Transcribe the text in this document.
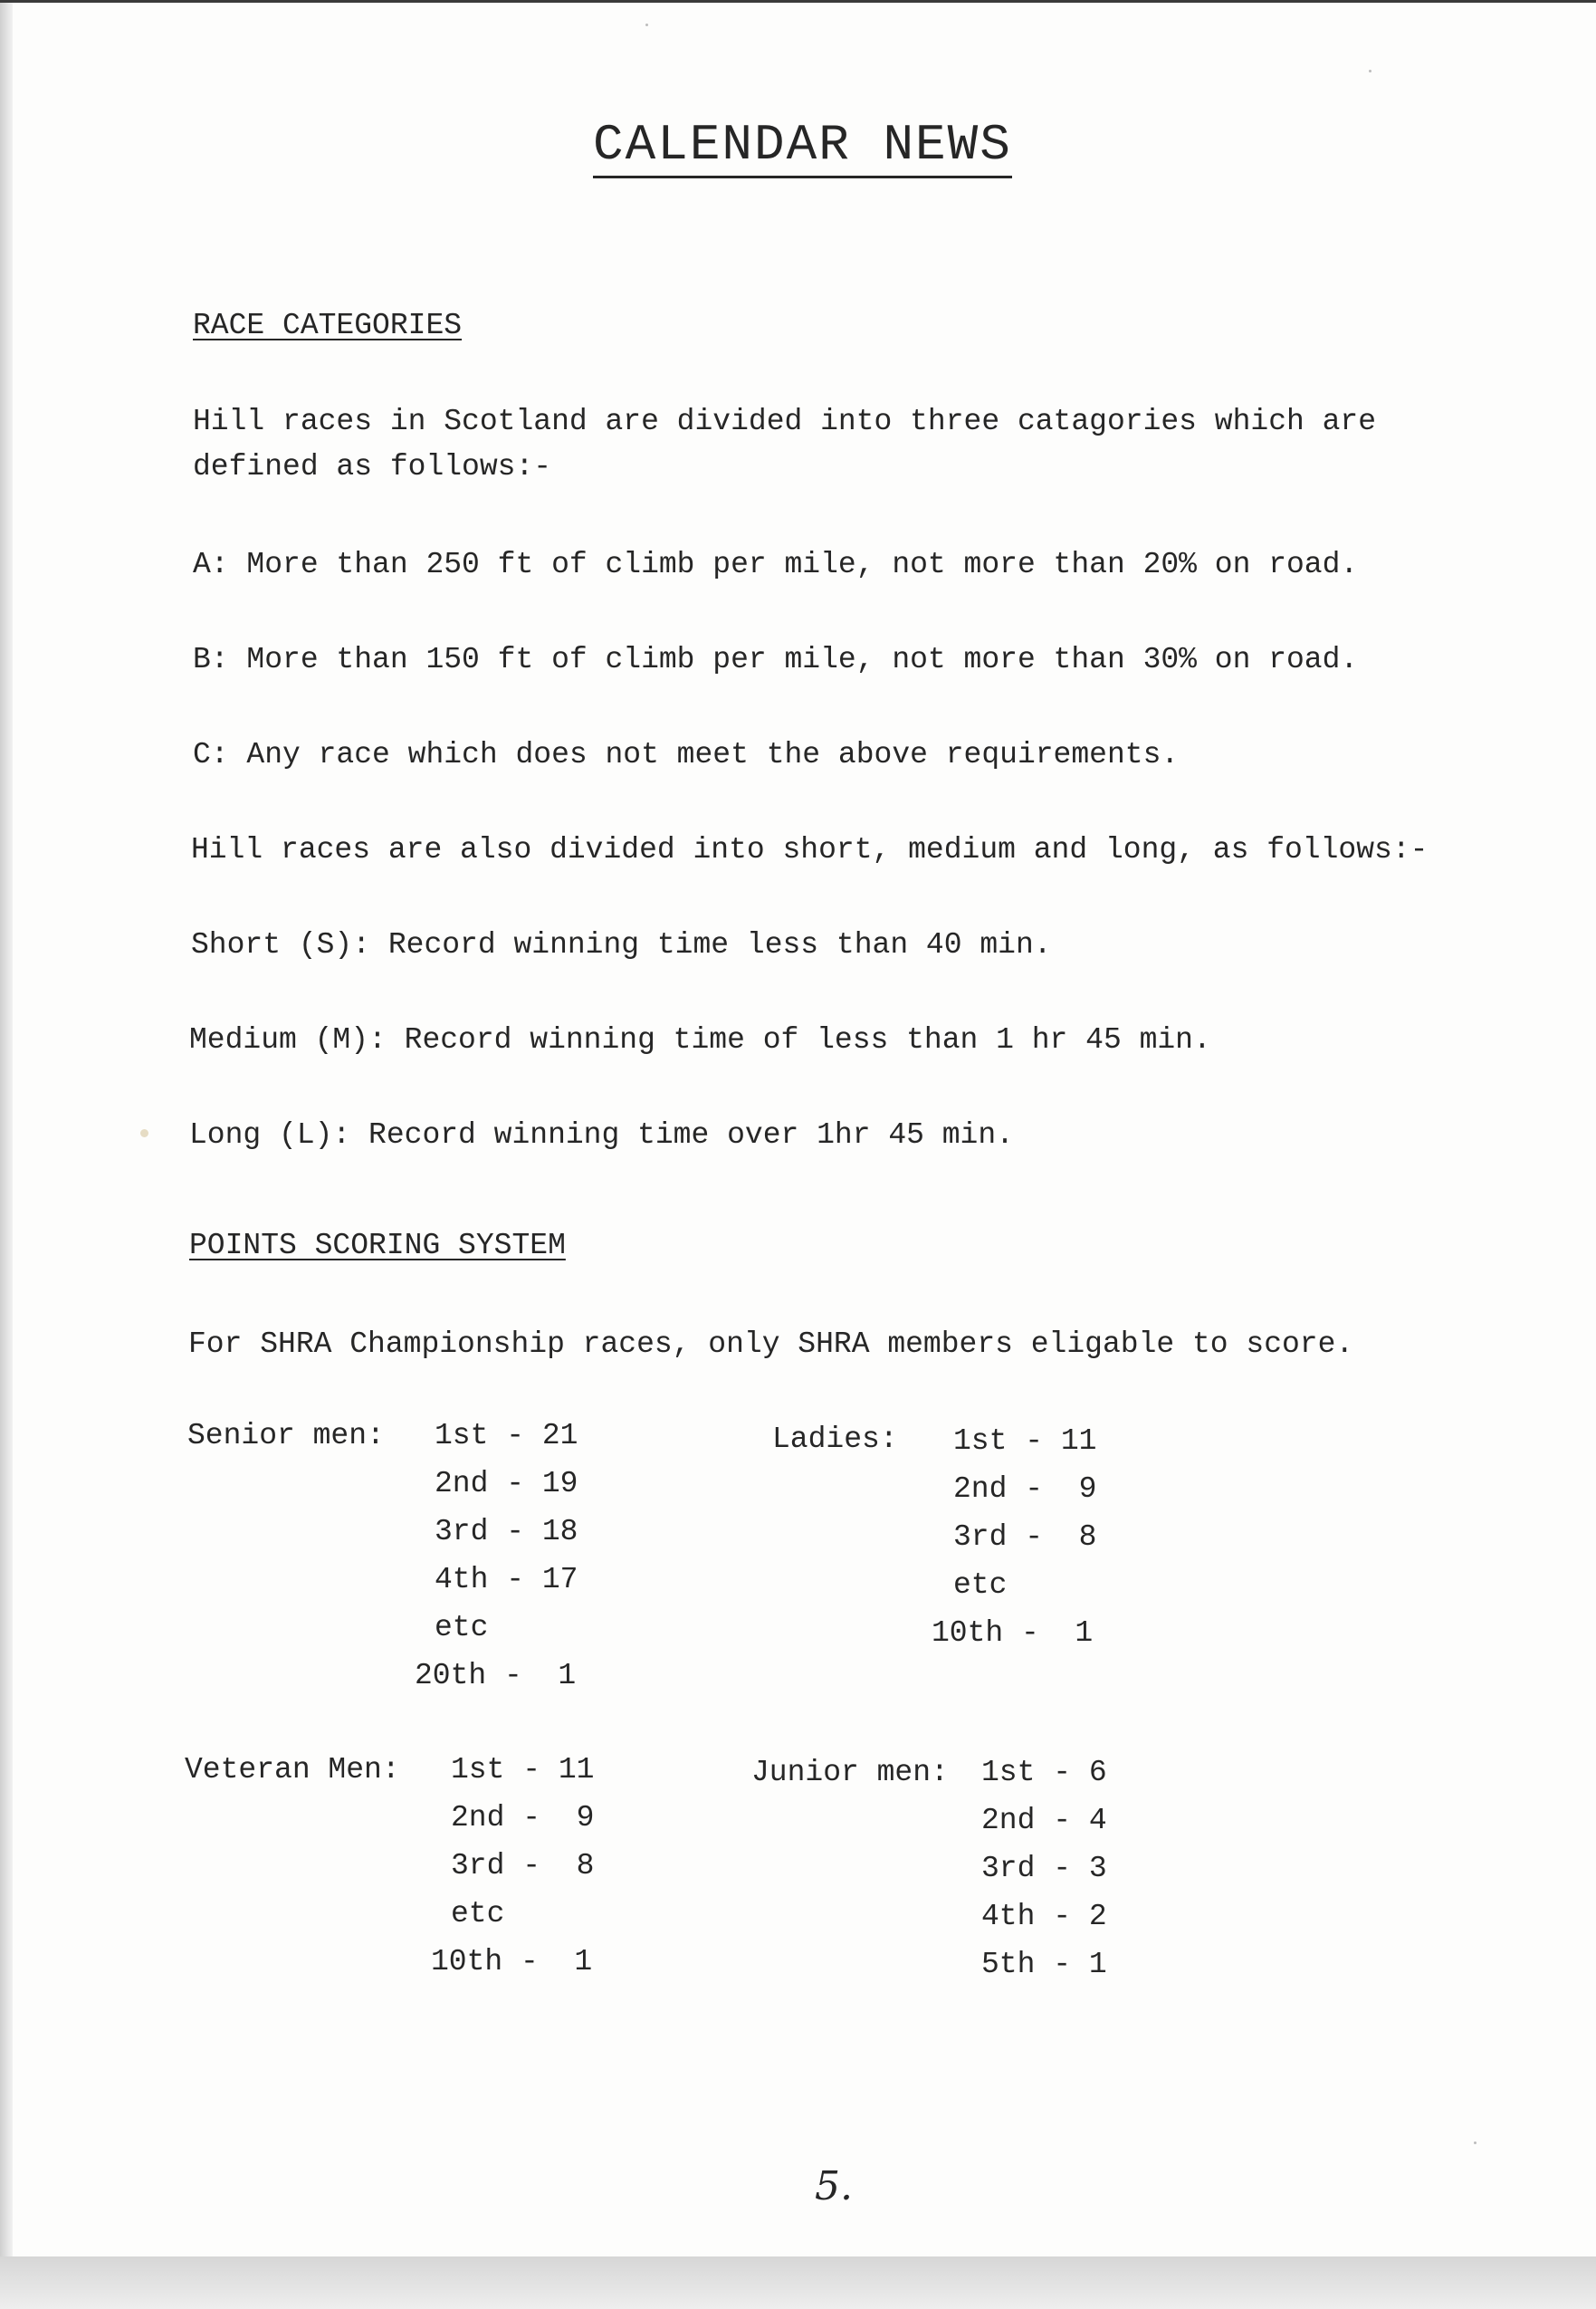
CALENDAR NEWS

RACE CATEGORIES

Hill races in Scotland are divided into three catagories which are

defined as follows:-

A: More than 250 ft of climb per mile, not more than 20% on road.

B: More than 150 ft of climb per mile, not more than 30% on road.

C: Any race which does not meet the above requirements.

Hill races are also divided into short, medium and long, as follows:-

Short (S): Record winning time less than 40 min.

Medium (M): Record winning time of less than 1 hr 45 min.

Long (L): Record winning time over 1hr 45 min.

POINTS SCORING SYSTEM

For SHRA Championship races, only SHRA members eligable to score.

Senior men: 1st - 21
2nd - 19
3rd - 18
4th - 17
etc
20th -  1
Ladies: 1st - 11
2nd -  9
3rd -  8
etc
10th -  1
Veteran Men: 1st - 11
2nd -  9
3rd -  8
etc
10th -  1
Junior men: 1st - 6
2nd - 4
3rd - 3
4th - 2
5th - 1
5.
